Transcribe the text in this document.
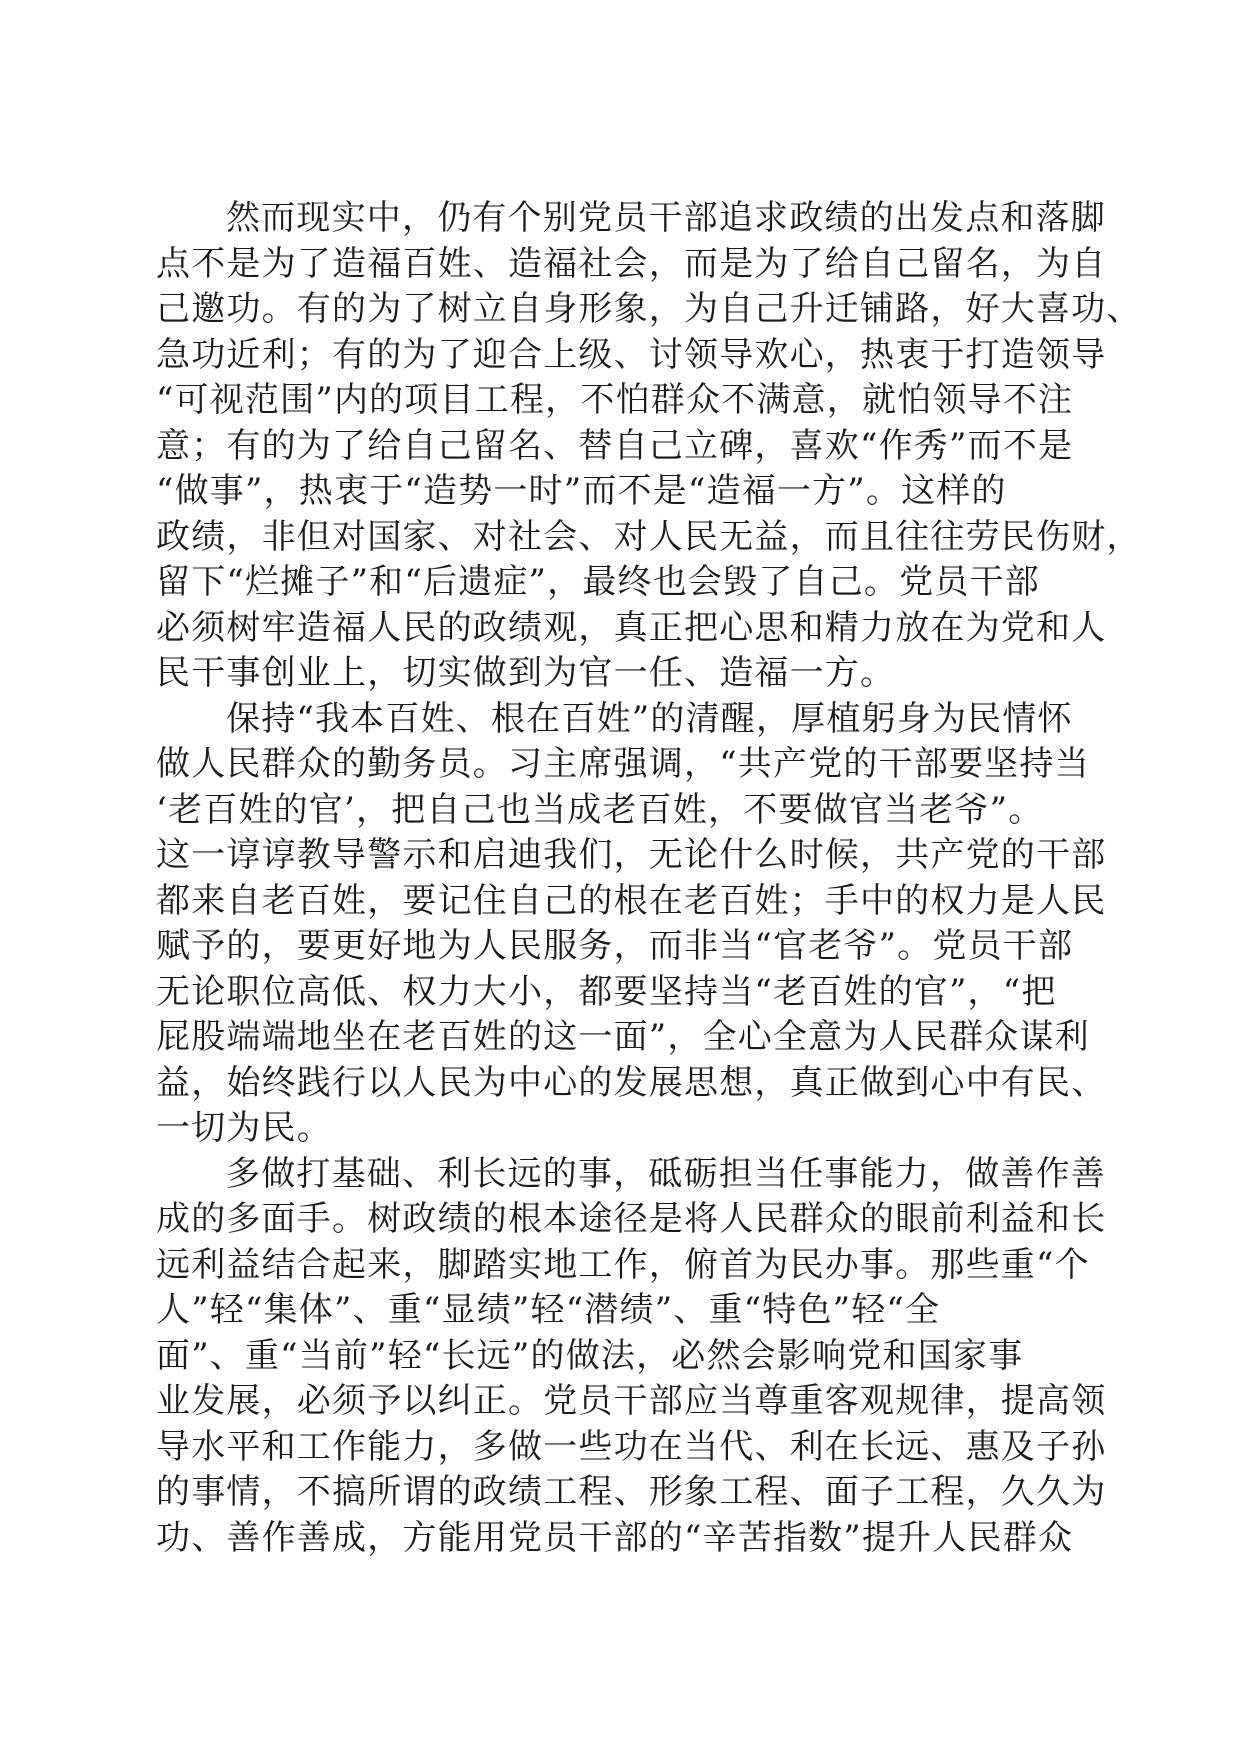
然而现实中，仍有个别党员干部追求政绩的出发点和落脚
点不是为了造福百姓、造福社会，而是为了给自己留名，为自
己邀功。有的为了树立自身形象，为自己升迁铺路，好大喜功、
急功近利；有的为了迎合上级、讨领导欢心，热衷于打造领导
“可视范围”内的项目工程，不怕群众不满意，就怕领导不注
意；有的为了给自己留名、替自己立碑，喜欢“作秀”而不是
“做事”，热衷于“造势一时”而不是“造福一方”。这样的
政绩，非但对国家、对社会、对人民无益，而且往往劳民伤财，
留下“烂摊子”和“后遗症”，最终也会毁了自己。党员干部
必须树牢造福人民的政绩观，真正把心思和精力放在为党和人
民干事创业上，切实做到为官一任、造福一方。
保持“我本百姓、根在百姓”的清醒，厚植躬身为民情怀
做人民群众的勤务员。习主席强调，“共产党的干部要坚持当
‘老百姓的官’，把自己也当成老百姓，不要做官当老爷”。
这一谆谆教导警示和启迪我们，无论什么时候，共产党的干部
都来自老百姓，要记住自己的根在老百姓；手中的权力是人民
赋予的，要更好地为人民服务，而非当“官老爷”。党员干部
无论职位高低、权力大小，都要坚持当“老百姓的官”，“把
屁股端端地坐在老百姓的这一面”，全心全意为人民群众谋利
益，始终践行以人民为中心的发展思想，真正做到心中有民、
一切为民。
多做打基础、利长远的事，砥砺担当任事能力，做善作善
成的多面手。树政绩的根本途径是将人民群众的眼前利益和长
远利益结合起来，脚踏实地工作，俯首为民办事。那些重“个
人”轻“集体”、重“显绩”轻“潜绩”、重“特色”轻“全
面”、重“当前”轻“长远”的做法，必然会影响党和国家事
业发展，必须予以纠正。党员干部应当尊重客观规律，提高领
导水平和工作能力，多做一些功在当代、利在长远、惠及子孙
的事情，不搞所谓的政绩工程、形象工程、面子工程，久久为
功、善作善成，方能用党员干部的“辛苦指数”提升人民群众
